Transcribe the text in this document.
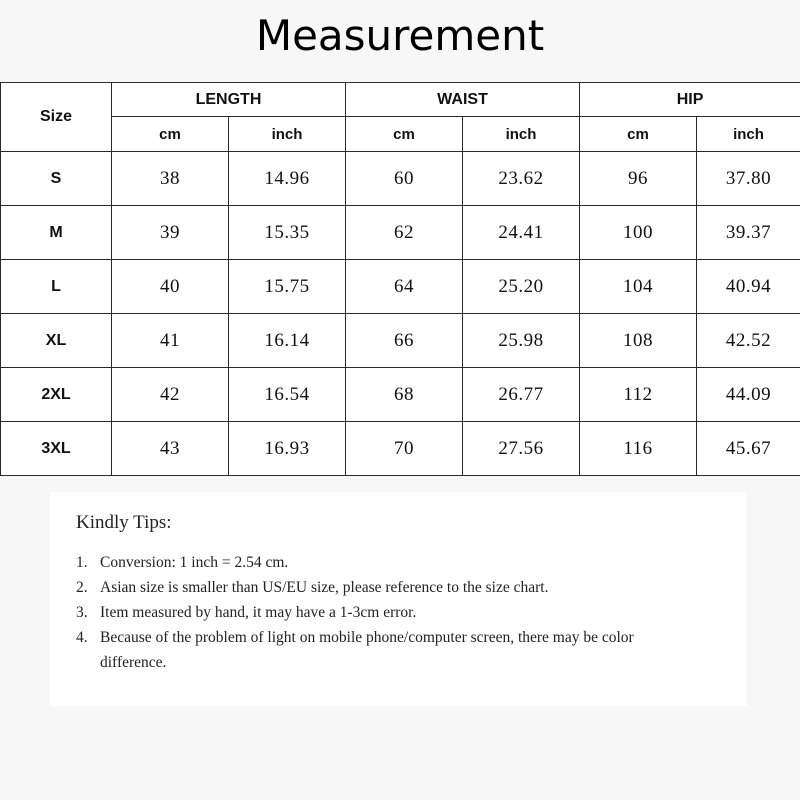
Measurement
Size	LENGTH		WAIST		HIP	
	cm	inch	cm	inch	cm	inch
S	38	14.96	60	23.62	96	37.80
M	39	15.35	62	24.41	100	39.37
L	40	15.75	64	25.20	104	40.94
XL	41	16.14	66	25.98	108	42.52
2XL	42	16.54	68	26.77	112	44.09
3XL	43	16.93	70	27.56	116	45.67
Kindly Tips:
1. Conversion: 1 inch = 2.54 cm.
2. Asian size is smaller than US/EU size, please reference to the size chart.
3. Item measured by hand, it may have a 1-3cm error.
4. Because of the problem of light on mobile phone/computer screen, there may be color difference.
